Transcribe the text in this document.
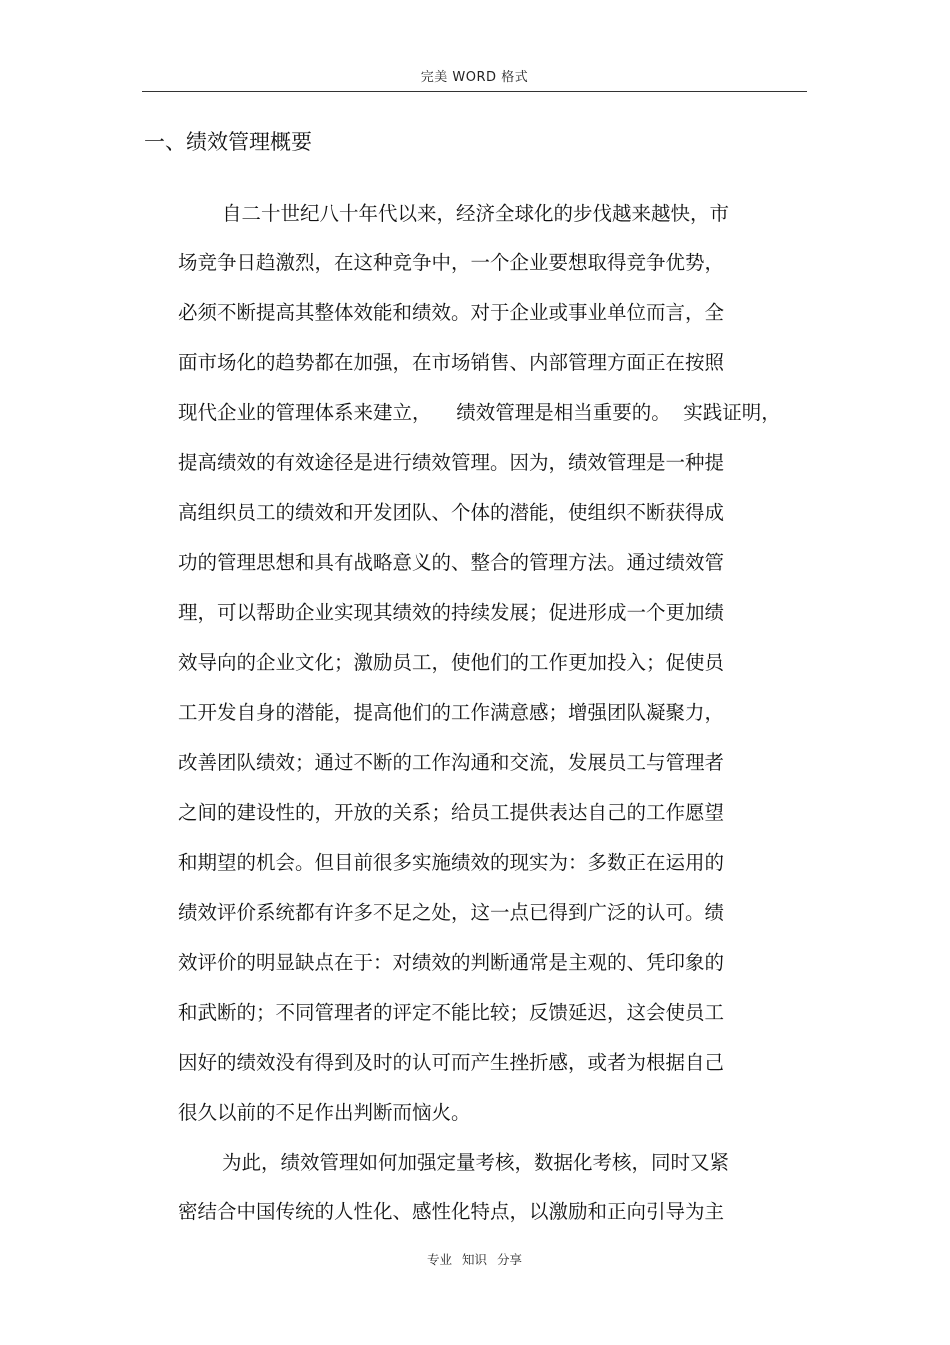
完美 WORD 格式
一、绩效管理概要
自二十世纪八十年代以来，经济全球化的步伐越来越快，市
场竞争日趋激烈，在这种竞争中，一个企业要想取得竞争优势，
必须不断提高其整体效能和绩效。对于企业或事业单位而言，全
面市场化的趋势都在加强，在市场销售、内部管理方面正在按照
现代企业的管理体系来建立，    绩效管理是相当重要的。  实践证明，
提高绩效的有效途径是进行绩效管理。因为，绩效管理是一种提
高组织员工的绩效和开发团队、个体的潜能，使组织不断获得成
功的管理思想和具有战略意义的、整合的管理方法。通过绩效管
理，可以帮助企业实现其绩效的持续发展；促进形成一个更加绩
效导向的企业文化；激励员工，使他们的工作更加投入；促使员
工开发自身的潜能，提高他们的工作满意感；增强团队凝聚力，
改善团队绩效；通过不断的工作沟通和交流，发展员工与管理者
之间的建设性的，开放的关系；给员工提供表达自己的工作愿望
和期望的机会。但目前很多实施绩效的现实为：多数正在运用的
绩效评价系统都有许多不足之处，这一点已得到广泛的认可。绩
效评价的明显缺点在于：对绩效的判断通常是主观的、凭印象的
和武断的；不同管理者的评定不能比较；反馈延迟，这会使员工
因好的绩效没有得到及时的认可而产生挫折感，或者为根据自己
很久以前的不足作出判断而恼火。
为此，绩效管理如何加强定量考核，数据化考核，同时又紧
密结合中国传统的人性化、感性化特点，以激励和正向引导为主
专业 知识 分享
